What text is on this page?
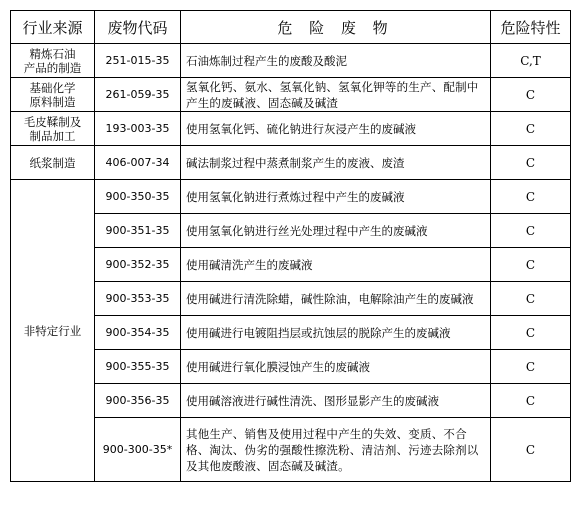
行业来源	废物代码	危 险 废 物	危险特性
精炼石油
产品的制造	251-015-35	石油炼制过程产生的废酸及酸泥	C,T
基础化学
原料制造	261-059-35	氢氧化钙、氨水、氢氧化钠、氢氧化钾等的生产、配制中产生的废碱液、固态碱及碱渣	C
毛皮鞣制及
制品加工	193-003-35	使用氢氧化钙、硫化钠进行灰浸产生的废碱液	C
纸浆制造	406-007-34	碱法制浆过程中蒸煮制浆产生的废液、废渣	C
非特定行业	900-350-35	使用氢氧化钠进行煮炼过程中产生的废碱液	C
	900-351-35	使用氢氧化钠进行丝光处理过程中产生的废碱液	C
	900-352-35	使用碱清洗产生的废碱液	C
	900-353-35	使用碱进行清洗除蜡，碱性除油，电解除油产生的废碱液	C
	900-354-35	使用碱进行电镀阻挡层或抗蚀层的脱除产生的废碱液	C
	900-355-35	使用碱进行氧化膜浸蚀产生的废碱液	C
	900-356-35	使用碱溶液进行碱性清洗、图形显影产生的废碱液	C
	900-300-35*	其他生产、销售及使用过程中产生的失效、变质、不合格、淘汰、伪劣的强酸性擦洗粉、清洁剂、污迹去除剂以及其他废酸液、固态碱及碱渣。	C
